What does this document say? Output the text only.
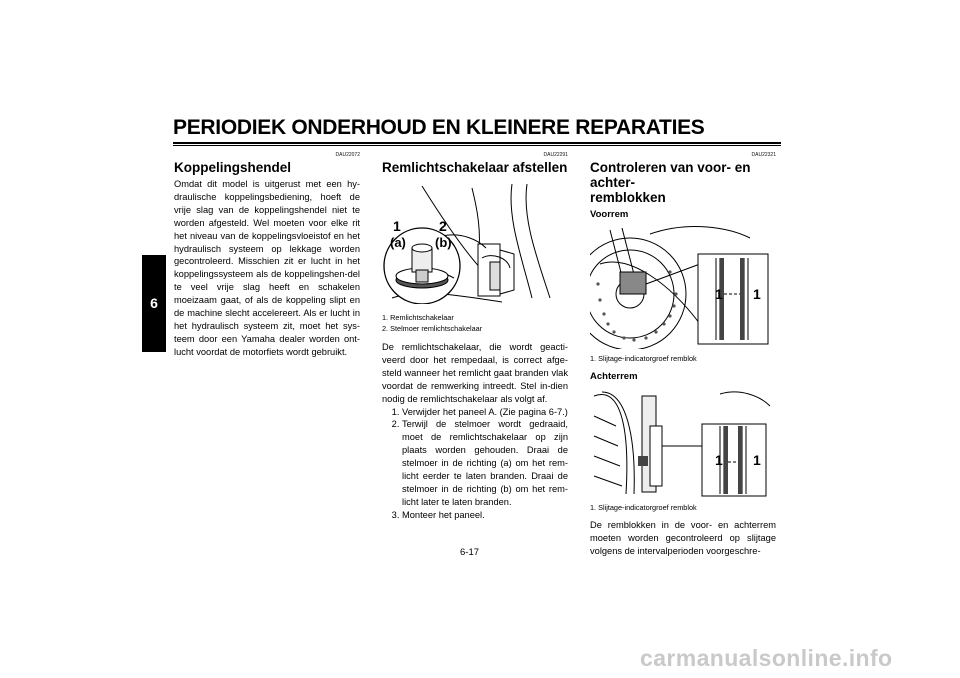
PERIODIEK ONDERHOUD EN KLEINERE REPARATIES
6
DAU22072
Koppelingshendel

Omdat dit model is uitgerust met een hy-draulische koppelingsbediening, hoeft de vrije slag van de koppelingshendel niet te worden afgesteld. Wel moeten voor elke rit het niveau van de koppelingsvloeistof en het hydraulisch systeem op lekkage worden gecontroleerd. Misschien zit er lucht in het koppelingssysteem als de koppelingshen-del te veel vrije slag heeft en schakelen moeizaam gaat, of als de koppeling slipt en de machine slecht accelereert. Als er lucht in het hydraulisch systeem zit, moet het sys-teem door een Yamaha dealer worden ont-lucht voordat de motorfiets wordt gebruikt.

DAU22291
Remlichtschakelaar afstellen
1	2
(a) (b)

1. Remlichtschakelaar

2. Stelmoer remlichtschakelaar

De remlichtschakelaar, die wordt geacti-veerd door het rempedaal, is correct afge-steld wanneer het remlicht gaat branden vlak voordat de remwerking intreedt. Stel in-dien nodig de remlichtschakelaar als volgt af.

1. Verwijder het paneel A. (Zie pagina 6-7.)
2. Terwijl de stelmoer wordt gedraaid, moet de remlichtschakelaar op zijn plaats worden gehouden. Draai de stelmoer in de richting (a) om het rem-licht eerder te laten branden. Draai de stelmoer in de richting (b) om het rem-licht later te laten branden.
3. Monteer het paneel.
DAU22321
Controleren van voor- en achter-
remblokken
Voorrem
1 1

1. Slijtage-indicatorgroef remblok

Achterrem
1 1

1. Slijtage-indicatorgroef remblok

De remblokken in de voor- en achterrem moeten worden gecontroleerd op slijtage volgens de intervalperioden voorgeschre-

6-17
carmanualsonline.info
